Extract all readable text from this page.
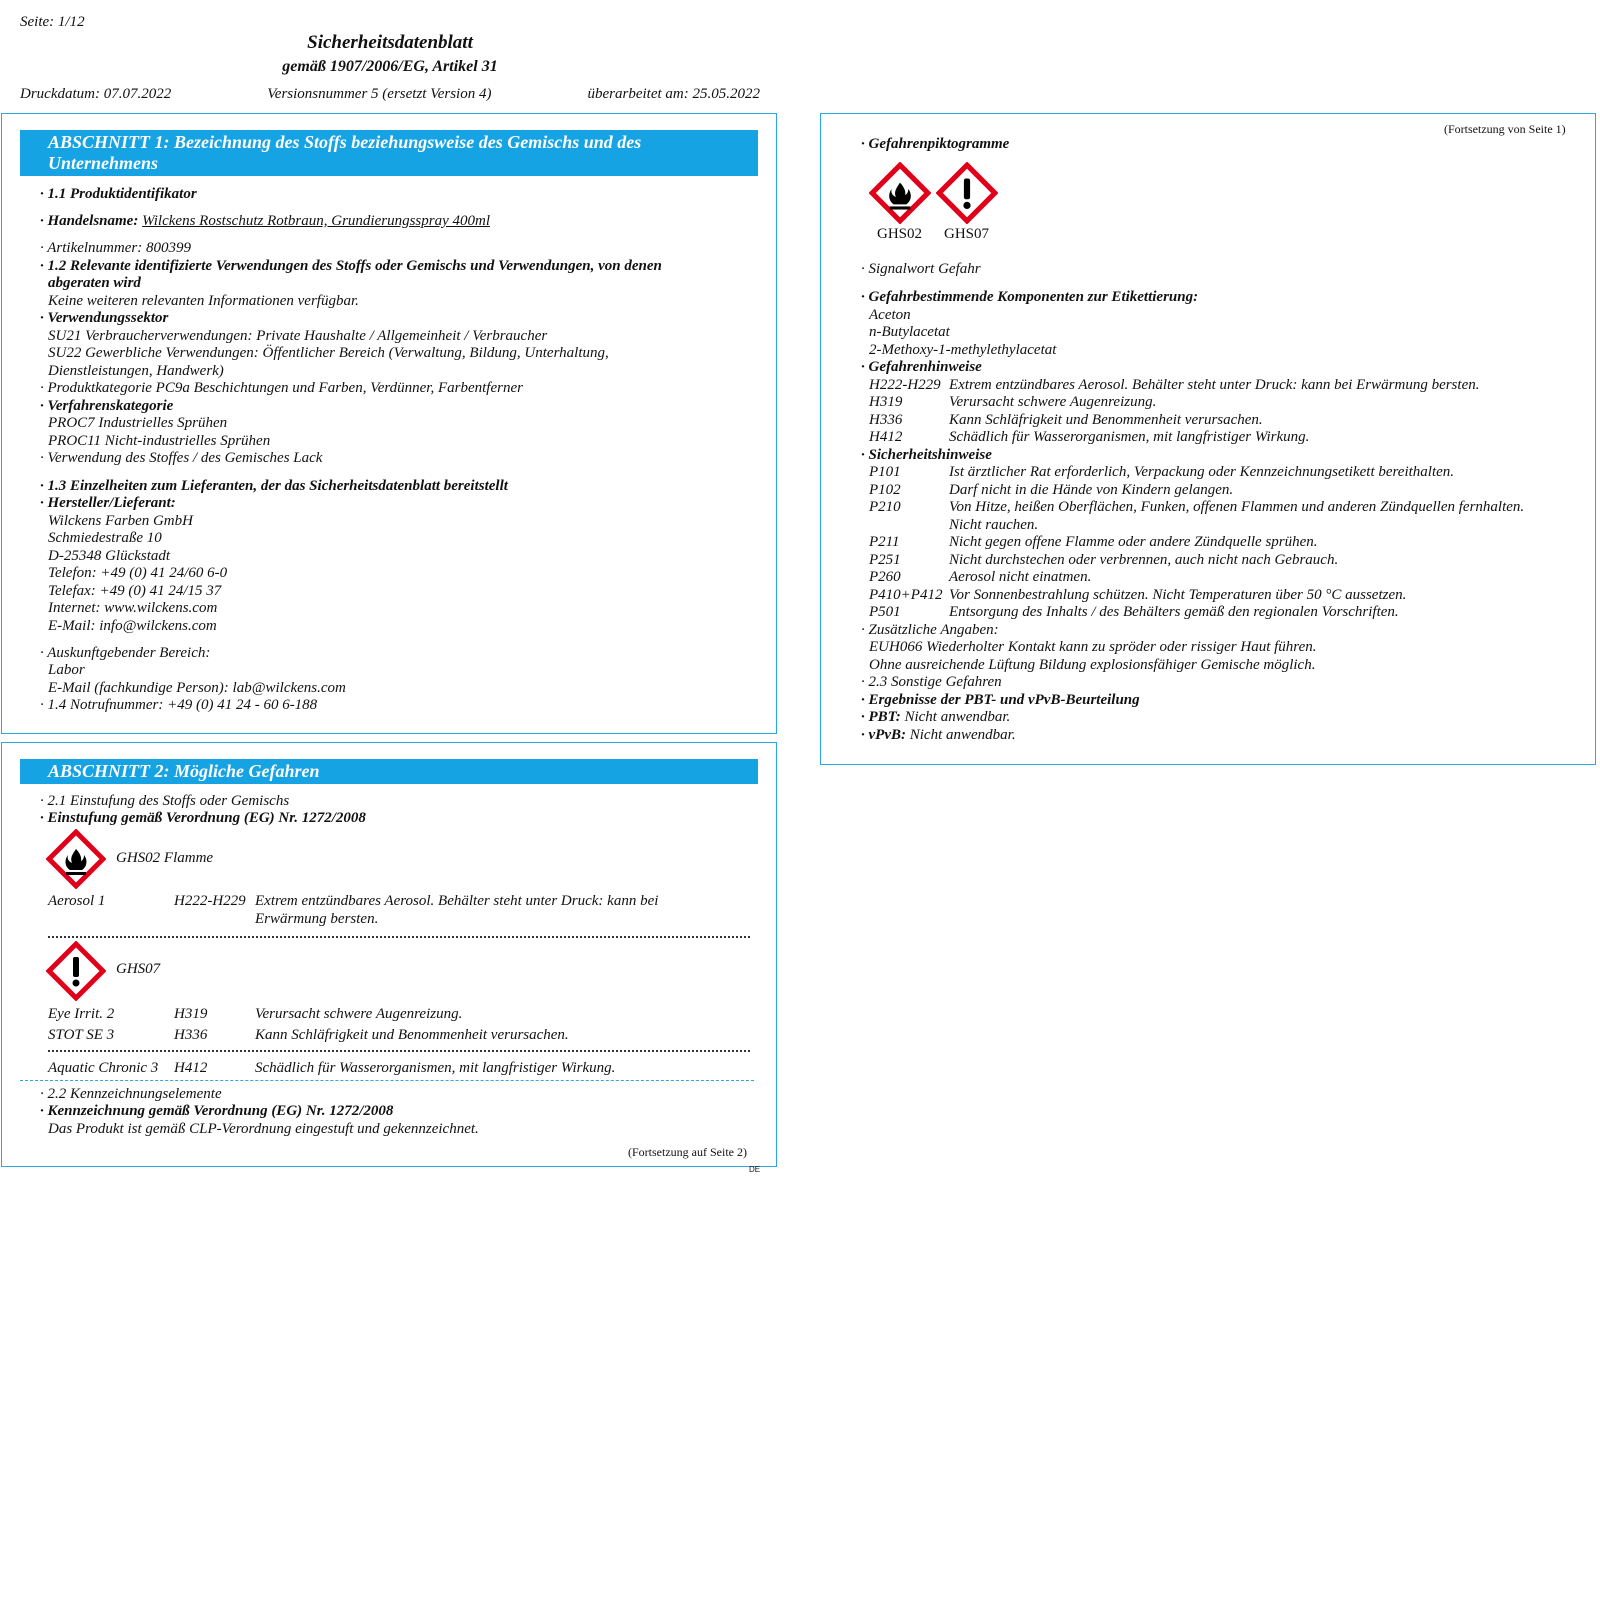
Seite: 1/12
Sicherheitsdatenblatt
gemäß 1907/2006/EG, Artikel 31
Druckdatum: 07.07.2022	Versionsnummer 5 (ersetzt Version 4)	überarbeitet am: 25.05.2022
ABSCHNITT 1: Bezeichnung des Stoffs beziehungsweise des Gemischs und des
Unternehmens
· 1.1 Produktidentifikator
· Handelsname: Wilckens Rostschutz Rotbraun, Grundierungsspray 400ml
· Artikelnummer: 800399
· 1.2 Relevante identifizierte Verwendungen des Stoffs oder Gemischs und Verwendungen, von denen
abgeraten wird
Keine weiteren relevanten Informationen verfügbar.
· Verwendungssektor
SU21 Verbraucherverwendungen: Private Haushalte / Allgemeinheit / Verbraucher
SU22 Gewerbliche Verwendungen: Öffentlicher Bereich (Verwaltung, Bildung, Unterhaltung,
Dienstleistungen, Handwerk)
· Produktkategorie PC9a Beschichtungen und Farben, Verdünner, Farbentferner
· Verfahrenskategorie
PROC7 Industrielles Sprühen
PROC11 Nicht-industrielles Sprühen
· Verwendung des Stoffes / des Gemisches Lack
· 1.3 Einzelheiten zum Lieferanten, der das Sicherheitsdatenblatt bereitstellt
· Hersteller/Lieferant:
Wilckens Farben GmbH
Schmiedestraße 10
D-25348 Glückstadt
Telefon: +49 (0) 41 24/60 6-0
Telefax: +49 (0) 41 24/15 37
Internet: www.wilckens.com
E-Mail: info@wilckens.com
· Auskunftgebender Bereich:
Labor
E-Mail (fachkundige Person): lab@wilckens.com
· 1.4 Notrufnummer: +49 (0) 41 24 - 60 6-188
ABSCHNITT 2: Mögliche Gefahren
· 2.1 Einstufung des Stoffs oder Gemischs
· Einstufung gemäß Verordnung (EG) Nr. 1272/2008
GHS02 Flamme
Aerosol 1	H222-H229 Extrem entzündbares Aerosol. Behälter steht unter Druck: kann bei
Erwärmung bersten.
GHS07
Eye Irrit. 2	H319	Verursacht schwere Augenreizung.
STOT SE 3	H336	Kann Schläfrigkeit und Benommenheit verursachen.
Aquatic Chronic 3 H412	Schädlich für Wasserorganismen, mit langfristiger Wirkung.
· 2.2 Kennzeichnungselemente
· Kennzeichnung gemäß Verordnung (EG) Nr. 1272/2008
Das Produkt ist gemäß CLP-Verordnung eingestuft und gekennzeichnet.
(Fortsetzung auf Seite 2)
DE
(Fortsetzung von Seite 1)
· Gefahrenpiktogramme
GHS02 GHS07
· Signalwort Gefahr
· Gefahrbestimmende Komponenten zur Etikettierung:
Aceton
n-Butylacetat
2-Methoxy-1-methylethylacetat
· Gefahrenhinweise
H222-H229 Extrem entzündbares Aerosol. Behälter steht unter Druck: kann bei Erwärmung bersten.
H319	Verursacht schwere Augenreizung.
H336	Kann Schläfrigkeit und Benommenheit verursachen.
H412	Schädlich für Wasserorganismen, mit langfristiger Wirkung.
· Sicherheitshinweise
P101	Ist ärztlicher Rat erforderlich, Verpackung oder Kennzeichnungsetikett bereithalten.
P102	Darf nicht in die Hände von Kindern gelangen.
P210	Von Hitze, heißen Oberflächen, Funken, offenen Flammen und anderen Zündquellen fernhalten.
Nicht rauchen.
P211	Nicht gegen offene Flamme oder andere Zündquelle sprühen.
P251	Nicht durchstechen oder verbrennen, auch nicht nach Gebrauch.
P260	Aerosol nicht einatmen.
P410+P412 Vor Sonnenbestrahlung schützen. Nicht Temperaturen über 50 °C aussetzen.
P501	Entsorgung des Inhalts / des Behälters gemäß den regionalen Vorschriften.
· Zusätzliche Angaben:
EUH066 Wiederholter Kontakt kann zu spröder oder rissiger Haut führen.
Ohne ausreichende Lüftung Bildung explosionsfähiger Gemische möglich.
· 2.3 Sonstige Gefahren
· Ergebnisse der PBT- und vPvB-Beurteilung
· PBT: Nicht anwendbar.
· vPvB: Nicht anwendbar.
